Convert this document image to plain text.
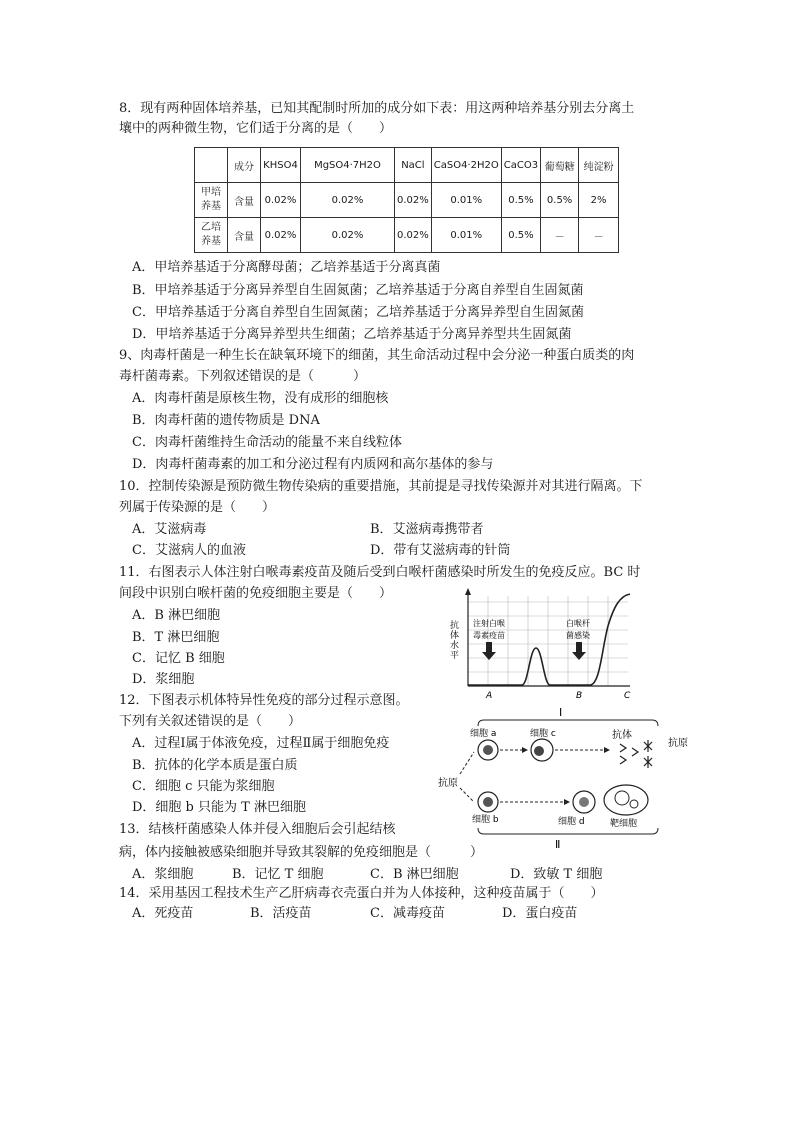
8．现有两种固体培养基，已知其配制时所加的成分如下表：用这两种培养基分别去分离土
壤中的两种微生物，它们适于分离的是（　　）
	成分	KHSO4	MgSO4·7H2O	NaCl	CaSO4·2H2O	CaCO3	葡萄糖	纯淀粉
甲培养基	含量	0.02%	0.02%	0.02%	0.01%	0.5%	0.5%	2%
乙培养基	含量	0.02%	0.02%	0.02%	0.01%	0.5%	－	－
A．甲培养基适于分离酵母菌；乙培养基适于分离真菌
B．甲培养基适于分离异养型自生固氮菌；乙培养基适于分离自养型自生固氮菌
C．甲培养基适于分离自养型自生固氮菌；乙培养基适于分离异养型自生固氮菌
D．甲培养基适于分离异养型共生细菌；乙培养基适于分离异养型共生固氮菌
9、肉毒杆菌是一种生长在缺氧环境下的细菌，其生命活动过程中会分泌一种蛋白质类的肉
毒杆菌毒素。下列叙述错误的是（　　　）
A．肉毒杆菌是原核生物，没有成形的细胞核
B．肉毒杆菌的遗传物质是 DNA
C．肉毒杆菌维持生命活动的能量不来自线粒体
D．肉毒杆菌毒素的加工和分泌过程有内质网和高尔基体的参与
10．控制传染源是预防微生物传染病的重要措施，其前提是寻找传染源并对其进行隔离。下
列属于传染源的是（　　）
A．艾滋病毒	B．艾滋病毒携带者
C．艾滋病人的血液	D．带有艾滋病毒的针筒
11．右图表示人体注射白喉毒素疫苗及随后受到白喉杆菌感染时所发生的免疫反应。BC 时
间段中识别白喉杆菌的免疫细胞主要是（　　）
A．B 淋巴细胞
B．T 淋巴细胞
C．记忆 B 细胞
D．浆细胞
抗
体
水
平
注射白喉
毒素疫苗
白喉杆
菌感染
A	B	C
12．下图表示机体特异性免疫的部分过程示意图。
下列有关叙述错误的是（　　）
A．过程Ⅰ属于体液免疫，过程Ⅱ属于细胞免疫
B．抗体的化学本质是蛋白质
C．细胞 c 只能为浆细胞
D．细胞 b 只能为 T 淋巴细胞
Ⅰ
Ⅱ
抗原
细胞 a	细胞 c	抗体
抗原
细胞 b	细胞 d	靶细胞
13．结核杆菌感染人体并侵入细胞后会引起结核
病，体内接触被感染细胞并导致其裂解的免疫细胞是（　　　）
A．浆细胞	B．记忆 T 细胞	C．B 淋巴细胞	D．致敏 T 细胞
14．采用基因工程技术生产乙肝病毒衣壳蛋白并为人体接种，这种疫苗属于（　　）
A．死疫苗	B．活疫苗	C．减毒疫苗	D．蛋白疫苗
